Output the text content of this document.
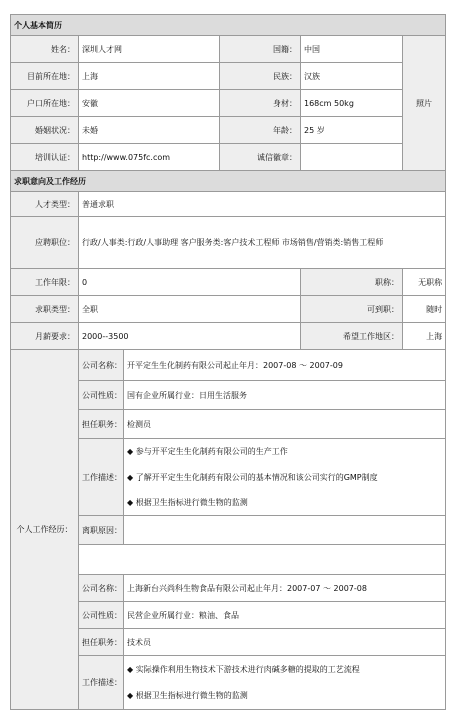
个人基本简历					
姓名：	深圳人才网		国籍：	中国	照片
目前所在地：	上海		民族：	汉族	
户口所在地：	安徽		身材：	168cm 50kg	
婚姻状况：	未婚		年龄：	25 岁	
培训认证：	http://www.075fc.com		诚信徽章：		
求职意向及工作经历					
人才类型：	普通求职				
应聘职位：	行政/人事类:行政/人事助理 客户服务类:客户技术工程师 市场销售/营销类:销售工程师				
工作年限：	0			职称：	无职称
求职类型：	全职			可到职：	随时
月薪要求：	2000--3500			希望工作地区：	上海
个人工作经历：	公司名称：	开平定生生化制药有限公司起止年月：2007-08 ～ 2007-09			
	公司性质：	国有企业所属行业：日用生活服务			
	担任职务：	检测员			
	工作描述：	◆ 参与开平定生生化制药有限公司的生产工作
◆ 了解开平定生生化制药有限公司的基本情况和该公司实行的GMP制度
◆ 根据卫生指标进行微生物的监测			

	离职原因：				

	公司名称：	上海新台兴尚科生物食品有限公司起止年月：2007-07 ～ 2007-08			
	公司性质：	民营企业所属行业：粮油、食品			
	担任职务：	技术员			
	工作描述：	◆ 实际操作利用生物技术下游技术进行肉碱多糖的提取的工艺流程
◆ 根据卫生指标进行微生物的监测			
